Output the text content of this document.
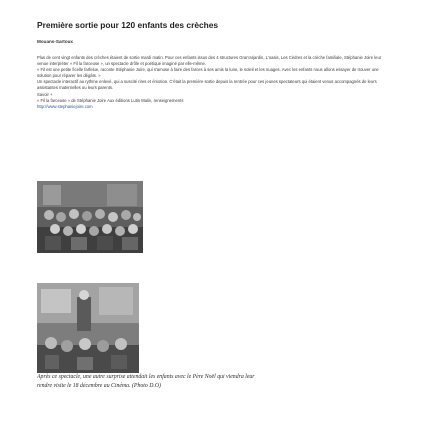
Première sortie pour 120 enfants des crèches
Mouans-Sartoux

Plus de cent vingt enfants des crèches étaient de sortie mardi matin. Pour ces enfants issus des 4 structures Gran'arjardin, L'oasis, Les Cèdres et la crèche familiale, Stéphanie Joire leur venue interpréter « Fil la farceuse », un spectacle drôle et poétique imaginé par elle-même.

« Fil est une petite ficelle farfelue, raconte Stéphanie Joire, qui s'amuse à faire des farces à ses amis la lune, le soleil et les nuages. Avec les enfants nous allons essayer de trouver une solution pour réparer les dégâts. »

Un spectacle interactif au rythme enlevé, qui a suscité rires et émotion. C'était la première sortie depuis la rentrée pour ces jeunes spectateurs qui étaient venus accompagnés de leurs assistantes maternelles ou leurs parents.

Savoir +

« Fil la farceuse » de Stéphanie Joire Aux éditions Lutin Malin, renseignements

http://www.stephaniejoire.com

Après ce spectacle, une autre surprise attendait les enfants avec le Père Noël qui viendra leur rendre visite le 18 décembre au Cinéma. (Photo D.O)
